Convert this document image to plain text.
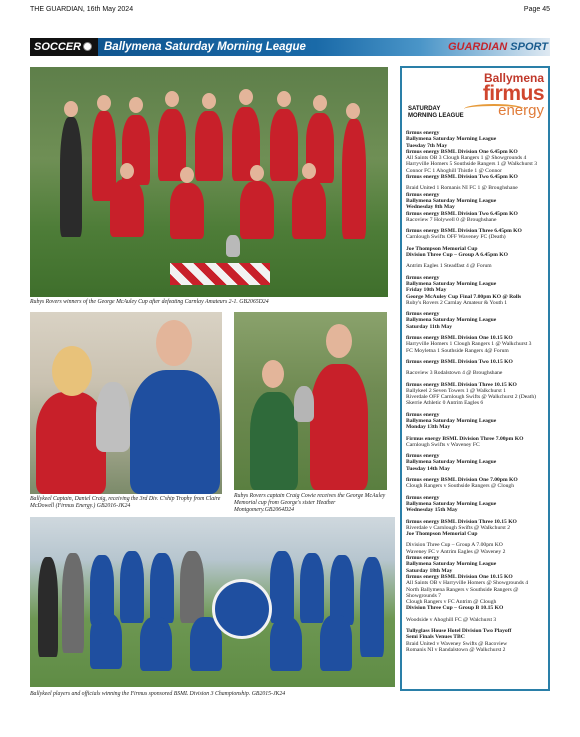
THE GUARDIAN, 16th May 2024	Page 45
SOCCER	Ballymena Saturday Morning League	GUARDIAN SPORT
Rubys Rovers winners of the George McAuley Cup after defeating Carnlay Amateurs 2-1. GB2065D24
Ballykeel Captain, Daniel Craig, receiving the 3rd Div. C'ship Trophy from Claire McDowell (Firmus Energy.) GB2016-JK24
Rubys Rovers captain Craig Cowie receives the George McAuley Memorial cup from George's sister Heather Montgomery.GB2064D24
Ballykeel players and officials winning the Firmus sponsored BSML Division 3 Championship. GB2015-JK24
Ballymena
firmus
energy
SATURDAY
MORNING LEAGUE
firmus energy
Ballymena Saturday Morning League
Tuesday 7th May
firmus energy BSML Division One 6.45pm KO
All Saints OB 3 Clough Rangers 1 @ Showgrounds 4
Harryville Homers 5 Southside Rangers 1 @ Walkchurst 3
Connor FC 1 Ahoghill Thistle 1 @ Connor
firmus energy BSML Division Two 6.45pm KO
Braid United 1 Romanis NI FC 1 @ Broughshane
firmus energy
Ballymena Saturday Morning League
Wednesday 8th May
firmus energy BSML Division Two 6.45pm KO
Racoview 7 Holywell 0 @ Broughshane
firmus energy BSML Division Three 6.45pm KO
Carnlough Swifts OFF Waveney FC (Death)
Joe Thompson Memorial Cup
Division Three Cup – Group A 6.45pm KO
Antrim Eagles 1 Steadfast 4 @ Forum
firmus energy
Ballymena Saturday Morning League
Friday 10th May
George McAuley Cup Final 7.00pm KO @ Rolls
Ruby's Rovers 2 Carnlay Amateur & Youth 1
firmus energy
Ballymena Saturday Morning League
Saturday 11th May
firmus energy BSML Division One 10.15 KO
Harryville Homers 1 Clough Rangers 1 @ Walkchurst 3
FC Moyletna 1 Southside Rangers 4@ Forum
firmus energy BSML Division Two 10.15 KO
Racoview 3 Rodalstown 4 @ Broughshane
firmus energy BSML Division Three 10.15 KO
Ballykeel 2 Seven Towers 1 @ Walkchurst 1
Riverdale OFF Carnlough Swifts @ Walkchurst 2 (Death)
Skerrie Athletic 0 Antrim Eagles 6
firmus energy
Ballymena Saturday Morning League
Monday 13th May
Firmus energy BSML Division Three 7.00pm KO
Carnlough Swifts v Waveney FC
firmus energy
Ballymena Saturday Morning League
Tuesday 14th May
firmus energy BSML Division One 7.00pm KO
Clough Rangers v Southside Rangers @ Clough
firmus energy
Ballymena Saturday Morning League
Wednesday 15th May
firmus energy BSML Division Three 10.15 KO
Riverdale v Carnlough Swifts @ Walkchurst 2
Joe Thompson Memorial Cup
Division Three Cup – Group A 7.00pm KO
Waveney FC v Antrim Eagles @ Waveney 2
firmus energy
Ballymena Saturday Morning League
Saturday 18th May
firmus energy BSML Division One 10.15 KO
All Saints OB v Harryville Homers @ Showgrounds 4
North Ballymena Rangers v Southside Rangers @ Showgrounds 7
Clough Rangers v FC Antrim @ Clough
Division Three Cup – Group B 10.15 KO
Woodside v Ahoghill FC @ Walchurst 3
Tullyglass House Hotel Division Two Playoff
Semi Finals Venues TBC
Braid United v Waveney Swifts @ Racoview
Romanis NI v Randalstown @ Walkchurst 2
